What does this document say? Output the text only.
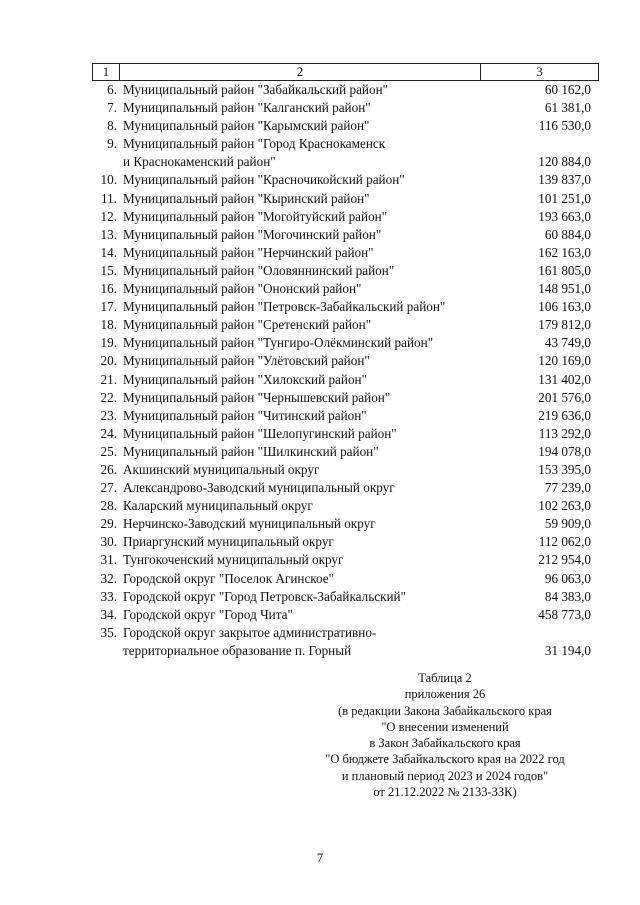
1	2	3
6. Муниципальный район "Забайкальский район"	60 162,0
7. Муниципальный район "Калганский район"	61 381,0
8. Муниципальный район "Карымский район"	116 530,0
9. Муниципальный район "Город Краснокаменск
и Краснокаменский район"	120 884,0
10. Муниципальный район "Красночикойский район"	139 837,0
11. Муниципальный район "Кыринский район"	101 251,0
12. Муниципальный район "Могойтуйский район"	193 663,0
13. Муниципальный район "Могочинский район"	60 884,0
14. Муниципальный район "Нерчинский район"	162 163,0
15. Муниципальный район "Оловяннинский район"	161 805,0
16. Муниципальный район "Ононский район"	148 951,0
17. Муниципальный район "Петровск-Забайкальский район"	106 163,0
18. Муниципальный район "Сретенский район"	179 812,0
19. Муниципальный район "Тунгиро-Олёкминский район"	43 749,0
20. Муниципальный район "Улётовский район"	120 169,0
21. Муниципальный район "Хилокский район"	131 402,0
22. Муниципальный район "Чернышевский район"	201 576,0
23. Муниципальный район "Читинский район"	219 636,0
24. Муниципальный район "Шелопугинский район"	113 292,0
25. Муниципальный район "Шилкинский район"	194 078,0
26. Акшинский муниципальный округ	153 395,0
27. Александрово-Заводский муниципальный округ	77 239,0
28. Каларский муниципальный округ	102 263,0
29. Нерчинско-Заводский муниципальный округ	59 909,0
30. Приаргунский муниципальный округ	112 062,0
31. Тунгокоченский муниципальный округ	212 954,0
32. Городской округ "Поселок Агинское"	96 063,0
33. Городской округ "Город Петровск-Забайкальский"	84 383,0
34. Городской округ "Город Чита"	458 773,0
35. Городской округ закрытое административно-
территориальное образование п. Горный	31 194,0
Таблица 2
приложения 26
(в редакции Закона Забайкальского края
"О внесении изменений
в Закон Забайкальского края
"О бюджете Забайкальского края на 2022 год
и плановый период 2023 и 2024 годов"
от 21.12.2022 № 2133-ЗЗК)
7
